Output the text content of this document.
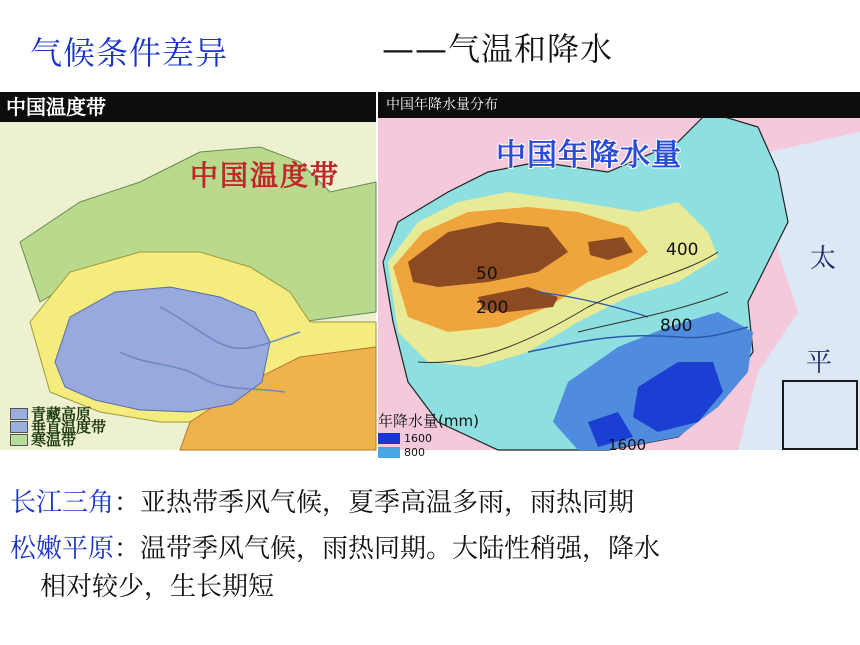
气候条件差异	——气温和降水
中国温度带
中国温度带
青藏高原
垂直温度带
寒温带
中国年降水量分布
中国年降水量
400
50
200
800
1600
太
平
年降水量(mm)
1600
800
长江三角：亚热带季风气候，夏季高温多雨，雨热同期
松嫩平原：温带季风气候，雨热同期。大陆性稍强，降水
相对较少，生长期短
